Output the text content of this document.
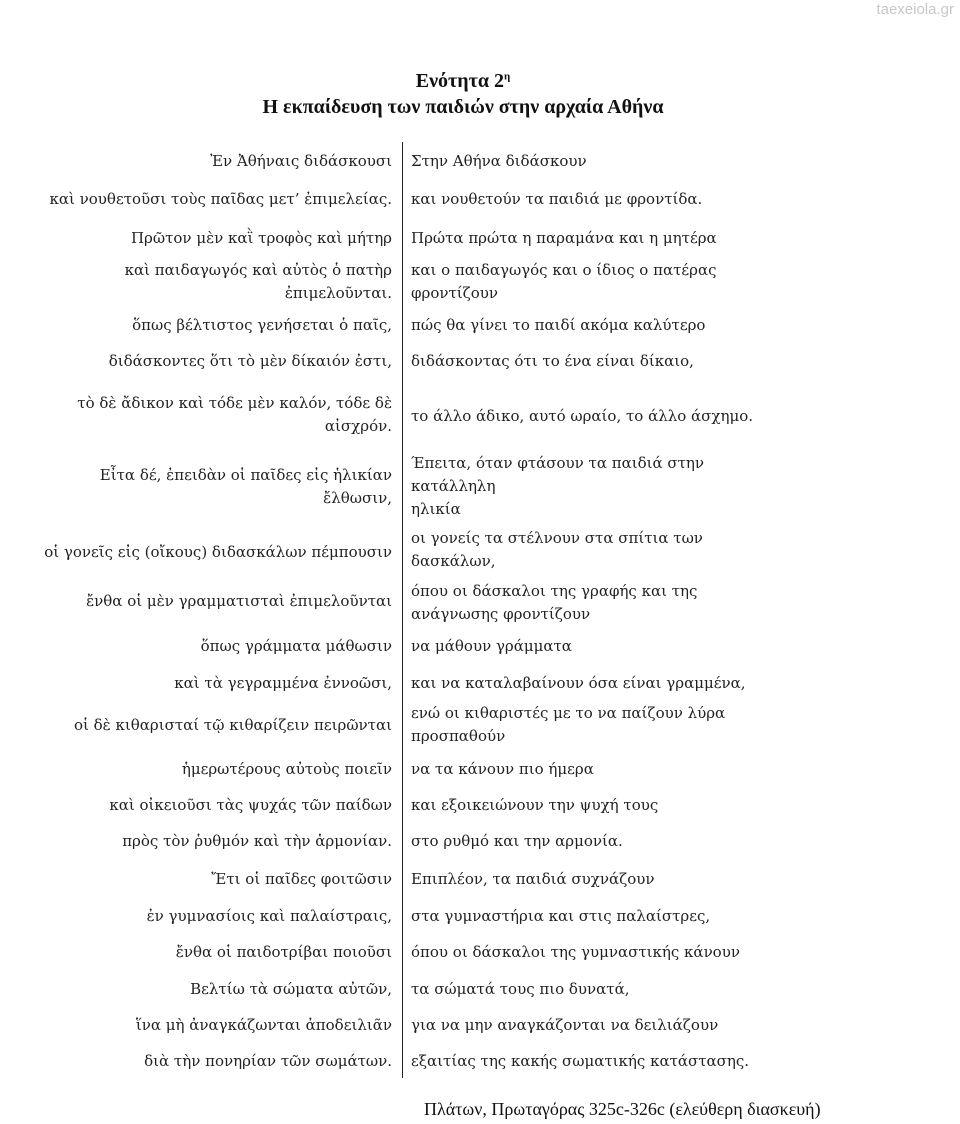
taexeiola.gr
Ενότητα $2^\eta$
Η εκπαίδευση των παιδιών στην αρχαία Αθήνα
Ἐν Ἀθήναις διδάσκουσι Στην Αθήνα διδάσκουν
καὶ νουθετοῦσι τοὺς παῖδας μετ’ ἐπιμελείας. και νουθετούν τα παιδιά με φροντίδα.
Πρῶτον μὲν καῒ τροφὸς καὶ μήτηρ Πρώτα πρώτα η παραμάνα και η μητέρα
καὶ παιδαγωγός καὶ αὐτὸς ὁ πατὴρ
ἐπιμελοῦνται.
και ο παιδαγωγός και ο ίδιος ο πατέρας
φροντίζουν
ὅπως βέλτιστος γενήσεται ὁ παῖς, πώς θα γίνει το παιδί ακόμα καλύτερο
διδάσκοντες ὅτι τὸ μὲν δίκαιόν ἐστι, διδάσκοντας ότι το ένα είναι δίκαιο,
τὸ δὲ ἄδικον καὶ τόδε μὲν καλόν, τόδε δὲ
αἰσχρόν.
το άλλο άδικο, αυτό ωραίο, το άλλο άσχημο.
Εἶτα δέ, ἐπειδὰν οἱ παῖδες εἰς ἡλικίαν
ἔλθωσιν,
Έπειτα, όταν φτάσουν τα παιδιά στην
κατάλληλη
ηλικία
οἱ γονεῖς εἰς (οἴκους) διδασκάλων πέμπουσιν
οι γονείς τα στέλνουν στα σπίτια των
δασκάλων,
ἔνθα οἱ μὲν γραμματισταὶ ἐπιμελοῦνται
όπου οι δάσκαλοι της γραφής και της
ανάγνωσης φροντίζουν
ὅπως γράμματα μάθωσιν να μάθουν γράμματα
καὶ τὰ γεγραμμένα ἐννοῶσι, και να καταλαβαίνουν όσα είναι γραμμένα,
οἱ δὲ κιθαρισταί τῷ κιθαρίζειν πειρῶνται
ενώ οι κιθαριστές με το να παίζουν λύρα
προσπαθούν
ἡμερωτέρους αὐτοὺς ποιεῖν να τα κάνουν πιο ήμερα
καὶ οἰκειοῦσι τὰς ψυχάς τῶν παίδων και εξοικειώνουν την ψυχή τους
πρὸς τὸν ῥυθμόν καὶ τὴν ἁρμονίαν. στο ρυθμό και την αρμονία.
Ἔτι οἱ παῖδες φοιτῶσιν Επιπλέον, τα παιδιά συχνάζουν
ἐν γυμνασίοις καὶ παλαίστραις, στα γυμναστήρια και στις παλαίστρες,
ἔνθα οἱ παιδοτρίβαι ποιοῦσι όπου οι δάσκαλοι της γυμναστικής κάνουν
Βελτίω τὰ σώματα αὐτῶν, τα σώματά τους πιο δυνατά,
ἵνα μὴ ἀναγκάζωνται ἀποδειλιᾶν για να μην αναγκάζονται να δειλιάζουν
διὰ τὴν πονηρίαν τῶν σωμάτων. εξαιτίας της κακής σωματικής κατάστασης.
Πλάτων, Πρωταγόρας 325c-326c (ελεύθερη διασκευή)
